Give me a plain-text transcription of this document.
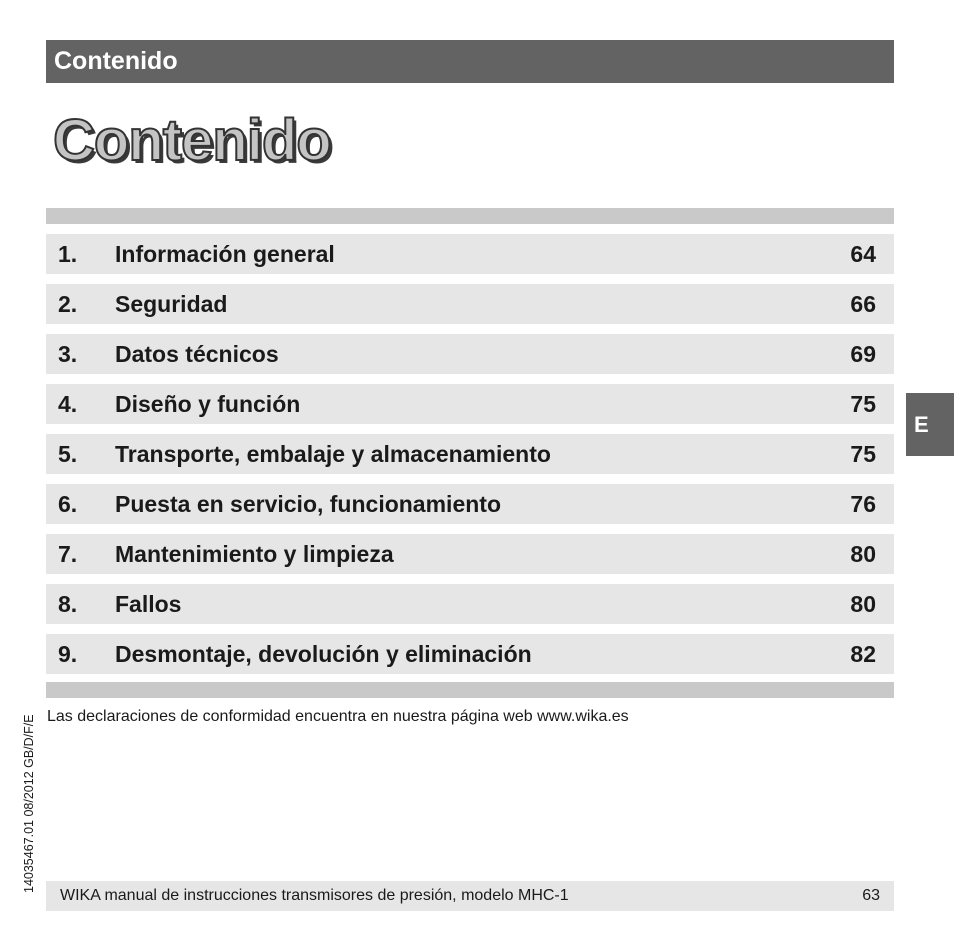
Contenido
Contenido
1. Información general	64
2. Seguridad	66
3. Datos técnicos	69
4. Diseño y función	75
5. Transporte, embalaje y almacenamiento	75
6. Puesta en servicio, funcionamiento	76
7. Mantenimiento y limpieza	80
8. Fallos	80
9. Desmontaje, devolución y eliminación	82
E
Las declaraciones de conformidad encuentra en nuestra página web www.wika.es
14035467.01 08/2012 GB/D/F/E
WIKA manual de instrucciones transmisores de presión, modelo MHC-1	63
